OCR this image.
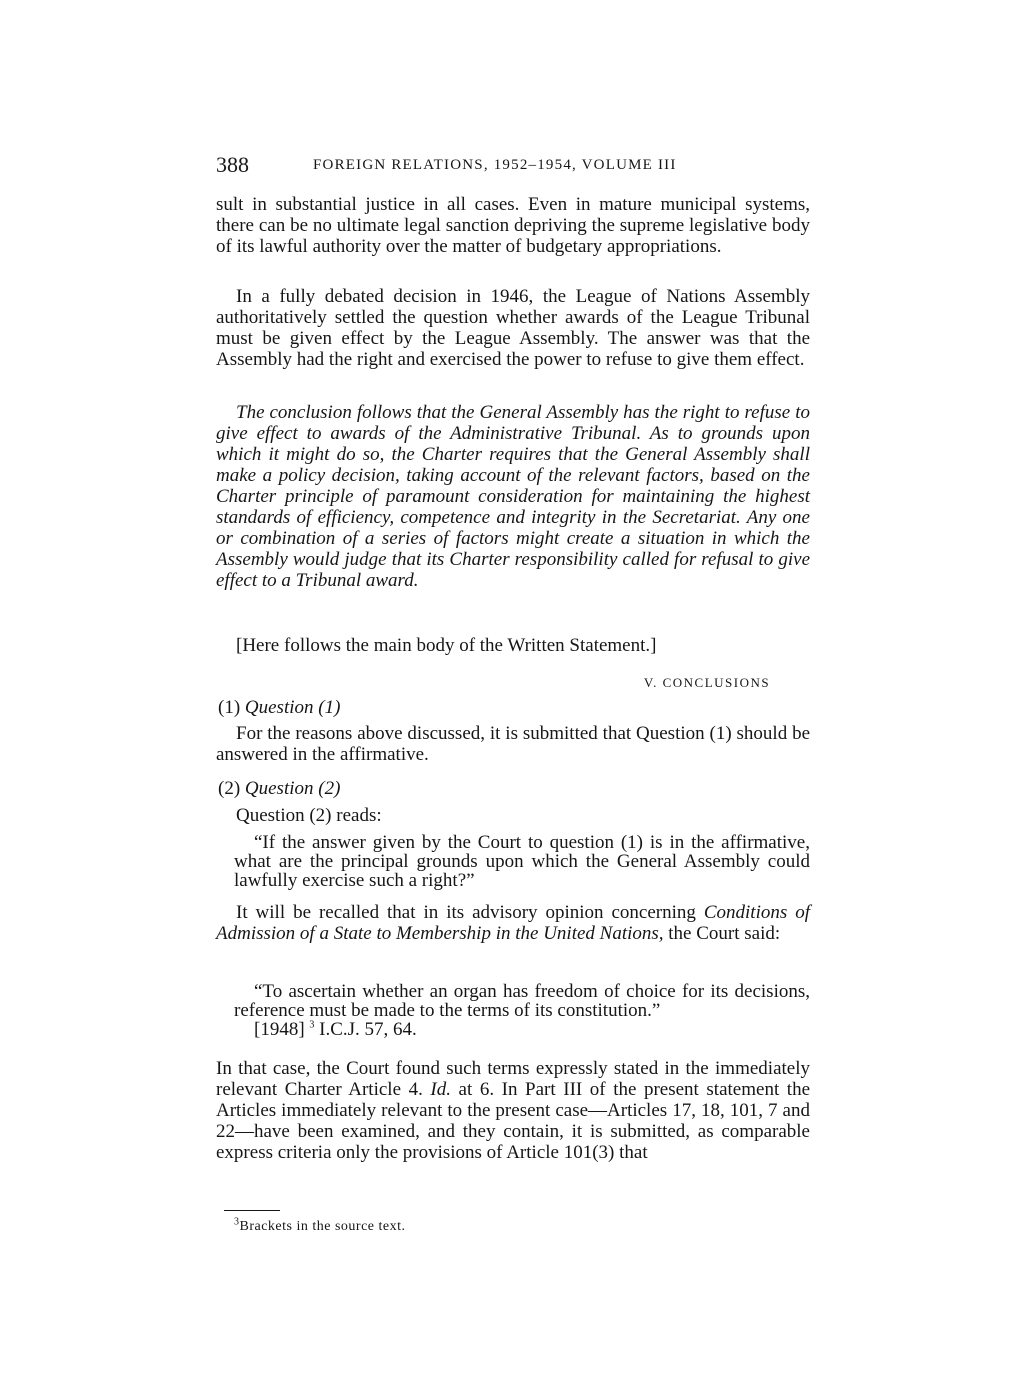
388	FOREIGN RELATIONS, 1952–1954, VOLUME III

sult in substantial justice in all cases. Even in mature municipal systems, there can be no ultimate legal sanction depriving the supreme legislative body of its lawful authority over the matter of budgetary appropriations.

In a fully debated decision in 1946, the League of Nations Assembly authoritatively settled the question whether awards of the League Tribunal must be given effect by the League Assembly. The answer was that the Assembly had the right and exercised the power to refuse to give them effect.

The conclusion follows that the General Assembly has the right to refuse to give effect to awards of the Administrative Tribunal. As to grounds upon which it might do so, the Charter requires that the General Assembly shall make a policy decision, taking account of the relevant factors, based on the Charter principle of paramount consideration for maintaining the highest standards of efficiency, competence and integrity in the Secretariat. Any one or combination of a series of factors might create a situation in which the Assembly would judge that its Charter responsibility called for refusal to give effect to a Tribunal award.

[Here follows the main body of the Written Statement.]

V. CONCLUSIONS
(1) Question (1)

For the reasons above discussed, it is submitted that Question (1) should be answered in the affirmative.

(2) Question (2)

Question (2) reads:

“If the answer given by the Court to question (1) is in the affirmative, what are the principal grounds upon which the General Assembly could lawfully exercise such a right?”

It will be recalled that in its advisory opinion concerning Conditions of Admission of a State to Membership in the United Nations, the Court said:

“To ascertain whether an organ has freedom of choice for its decisions, reference must be made to the terms of its constitution.”

[1948] $^3$ I.C.J. 57, 64.

In that case, the Court found such terms expressly stated in the immediately relevant Charter Article 4. Id. at 6. In Part III of the present statement the Articles immediately relevant to the present case—Articles 17, 18, 101, 7 and 22—have been examined, and they contain, it is submitted, as comparable express criteria only the provisions of Article 101(3) that

$^3$Brackets in the source text.
